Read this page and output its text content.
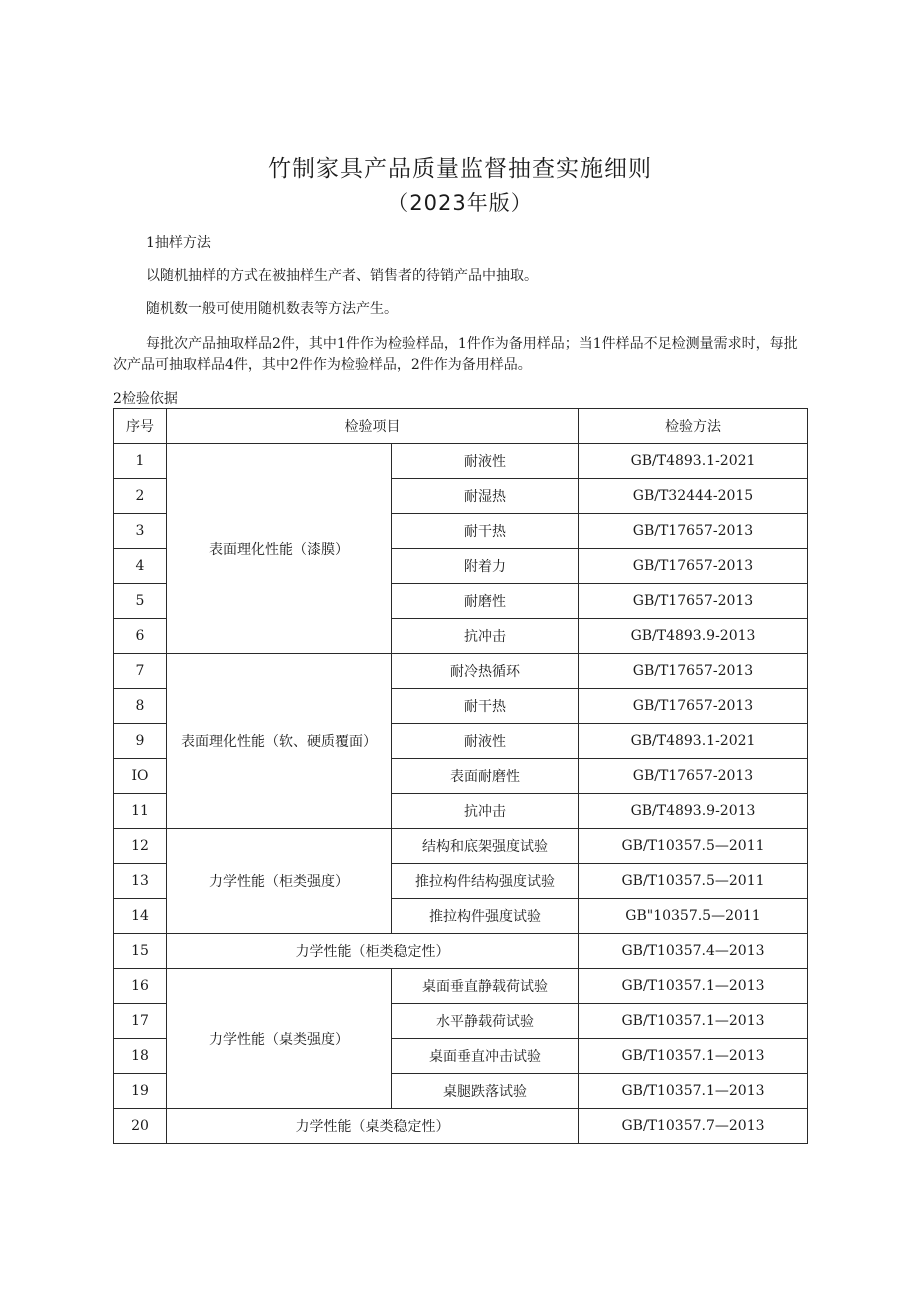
竹制家具产品质量监督抽查实施细则
（2023年版）

1抽样方法

以随机抽样的方式在被抽样生产者、销售者的待销产品中抽取。

随机数一般可使用随机数表等方法产生。

每批次产品抽取样品2件，其中1件作为检验样品，1件作为备用样品；当1件样品不足检测量需求时，每批次产品可抽取样品4件，其中2件作为检验样品，2件作为备用样品。

2检验依据

序号	检验项目		检验方法
1	表面理化性能（漆膜）	耐液性	GB/T4893.1-2021
2		耐湿热	GB/T32444-2015
3		耐干热	GB/T17657-2013
4		附着力	GB/T17657-2013
5		耐磨性	GB/T17657-2013
6		抗冲击	GB/T4893.9-2013
7	表面理化性能（软、硬质覆面）	耐冷热循环	GB/T17657-2013
8		耐干热	GB/T17657-2013
9		耐液性	GB/T4893.1-2021
IO		表面耐磨性	GB/T17657-2013
11		抗冲击	GB/T4893.9-2013
12	力学性能（柜类强度）	结构和底架强度试验	GB/T10357.5—2011
13		推拉构件结构强度试验	GB/T10357.5—2011
14		推拉构件强度试验	GB"10357.5—2011
15	力学性能（柜类稳定性）		GB/T10357.4—2013
16	力学性能（桌类强度）	桌面垂直静载荷试验	GB/T10357.1—2013
17		水平静载荷试验	GB/T10357.1—2013
18		桌面垂直冲击试验	GB/T10357.1—2013
19		桌腿跌落试验	GB/T10357.1—2013
20	力学性能（桌类稳定性）		GB/T10357.7—2013
